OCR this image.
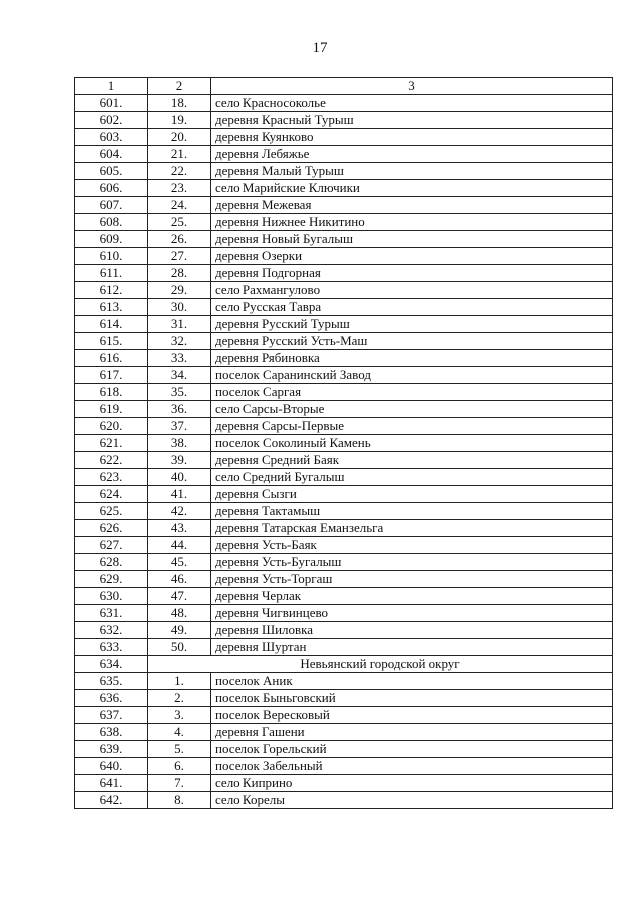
17
1	2	3
601.	18.	село Красносоколье
602.	19.	деревня Красный Турыш
603.	20.	деревня Куянково
604.	21.	деревня Лебяжье
605.	22.	деревня Малый Турыш
606.	23.	село Марийские Ключики
607.	24.	деревня Межевая
608.	25.	деревня Нижнее Никитино
609.	26.	деревня Новый Бугалыш
610.	27.	деревня Озерки
611.	28.	деревня Подгорная
612.	29.	село Рахмангулово
613.	30.	село Русская Тавра
614.	31.	деревня Русский Турыш
615.	32.	деревня Русский Усть-Маш
616.	33.	деревня Рябиновка
617.	34.	поселок Саранинский Завод
618.	35.	поселок Саргая
619.	36.	село Сарсы-Вторые
620.	37.	деревня Сарсы-Первые
621.	38.	поселок Соколиный Камень
622.	39.	деревня Средний Баяк
623.	40.	село Средний Бугалыш
624.	41.	деревня Сызги
625.	42.	деревня Тактамыш
626.	43.	деревня Татарская Еманзельга
627.	44.	деревня Усть-Баяк
628.	45.	деревня Усть-Бугалыш
629.	46.	деревня Усть-Торгаш
630.	47.	деревня Черлак
631.	48.	деревня Чигвинцево
632.	49.	деревня Шиловка
633.	50.	деревня Шуртан
634.	Невьянский городской округ	
635.	1.	поселок Аник
636.	2.	поселок Быньговский
637.	3.	поселок Вересковый
638.	4.	деревня Гашени
639.	5.	поселок Горельский
640.	6.	поселок Забельный
641.	7.	село Киприно
642.	8.	село Корелы
